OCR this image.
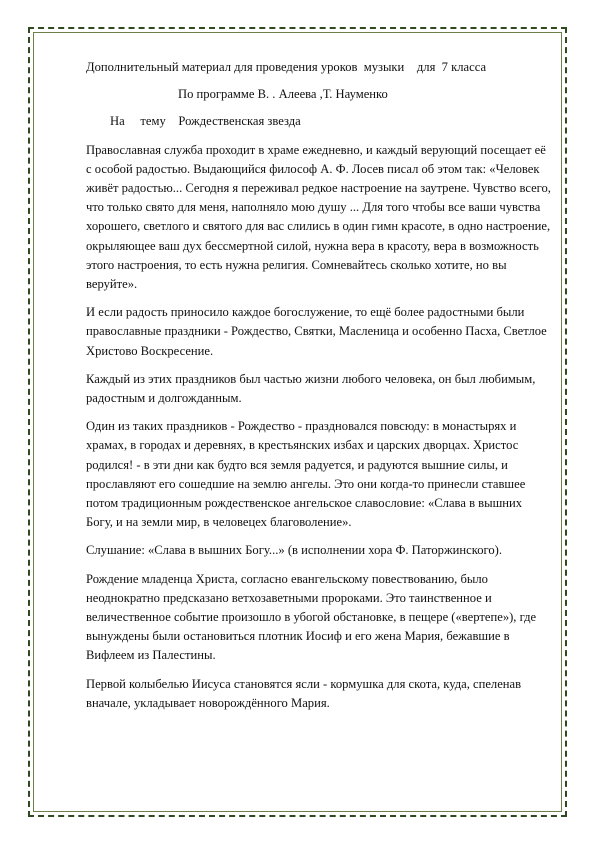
Дополнительный материал для проведения уроков  музыки    для  7 класса
По программе В. . Алеева ,Т. Науменко
На     тему    Рождественская звезда

Православная служба проходит в храме ежедневно, и каждый верующий посещает её с особой радостью. Выдающийся философ А. Ф. Лосев писал об этом так: «Человек живёт радостью... Сегодня я переживал редкое настроение на заутрене. Чувство всего, что только свято для меня, наполняло мою душу ... Для того чтобы все ваши чувства хорошего, светлого и святого для вас слились в один гимн красоте, в одно настроение, окрыляющее ваш дух бессмертной силой, нужна вера в красоту, вера в возможность этого настроения, то есть нужна религия. Сомневайтесь сколько хотите, но вы веруйте».

И если радость приносило каждое богослужение, то ещё более радостными были православные праздники - Рождество, Святки, Масленица и особенно Пасха, Светлое Христово Воскресение.

Каждый из этих праздников был частью жизни любого человека, он был любимым, радостным и долгожданным.

Один из таких праздников - Рождество - праздновался повсюду: в монастырях и храмах, в городах и деревнях, в крестьянских избах и царских дворцах. Христос родился! - в эти дни как будто вся земля радуется, и радуются вышние силы, и прославляют его сошедшие на землю ангелы. Это они когда-то принесли ставшее потом традиционным рождественское ангельское славословие: «Слава в вышних Богу, и на земли мир, в человецех благоволение».

Слушание: «Слава в вышних Богу...» (в исполнении хора Ф. Паторжинского).

Рождение младенца Христа, согласно евангельскому повествованию, было неоднократно предсказано ветхозаветными пророками. Это таинственное и величественное событие произошло в убогой обстановке, в пещере («вертепе»), где вынуждены были остановиться плотник Иосиф и его жена Мария, бежавшие в Вифлеем из Палестины.

Первой колыбелью Иисуса становятся ясли - кормушка для скота, куда, спеленав вначале, укладывает новорождённого Мария.
